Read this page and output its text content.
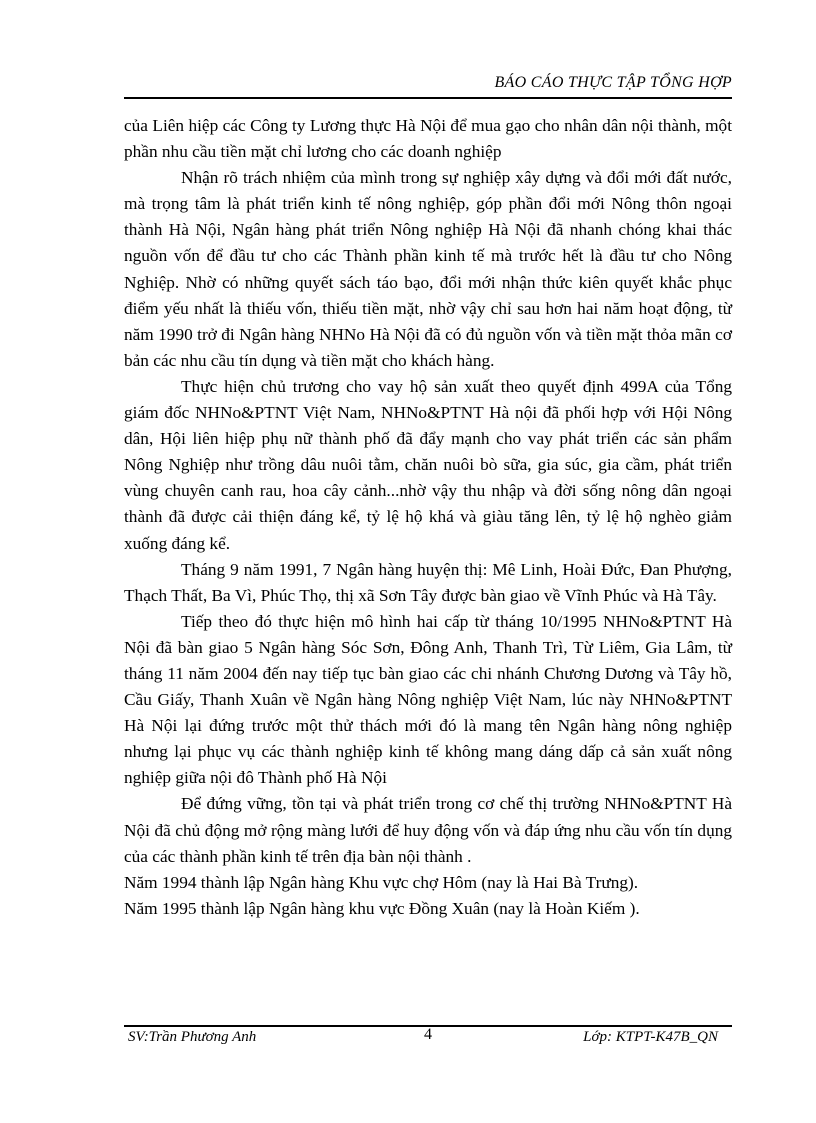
BÁO CÁO THỰC TẬP TỔNG HỢP

của Liên hiệp các Công ty Lương thực Hà Nội để mua gạo cho nhân dân nội thành, một phần nhu cầu tiền mặt chỉ lương cho các doanh nghiệp

Nhận rõ trách nhiệm của mình trong sự nghiệp xây dựng và đổi mới đất nước, mà trọng tâm là phát triển kinh tế nông nghiệp, góp phần đổi mới Nông thôn ngoại thành Hà Nội, Ngân hàng phát triển Nông nghiệp Hà Nội đã nhanh chóng khai thác nguồn vốn để đầu tư cho các Thành phần kinh tế mà trước hết là đầu tư cho Nông Nghiệp. Nhờ có những quyết sách táo bạo, đổi mới nhận thức kiên quyết khắc phục điểm yếu nhất là thiếu vốn, thiếu tiền mặt, nhờ vậy chỉ sau hơn hai năm hoạt động, từ năm 1990 trở đi Ngân hàng NHNo Hà Nội đã có đủ nguồn vốn và tiền mặt thỏa mãn cơ bản các nhu cầu tín dụng và tiền mặt cho khách hàng.

Thực hiện chủ trương cho vay hộ sản xuất theo quyết định 499A của Tổng giám đốc NHNo&PTNT Việt Nam, NHNo&PTNT Hà nội đã phối hợp với Hội Nông dân, Hội liên hiệp phụ nữ thành phố đã đẩy mạnh cho vay phát triển các sản phẩm Nông Nghiệp như trồng dâu nuôi tằm, chăn nuôi bò sữa, gia súc, gia cầm, phát triển vùng chuyên canh rau, hoa cây cảnh...nhờ vậy thu nhập và đời sống nông dân ngoại thành đã được cải thiện đáng kể, tỷ lệ hộ khá và giàu tăng lên, tỷ lệ hộ nghèo giảm xuống đáng kể.

Tháng 9 năm 1991, 7 Ngân hàng huyện thị: Mê Linh, Hoài Đức, Đan Phượng, Thạch Thất, Ba Vì, Phúc Thọ, thị xã Sơn Tây được bàn giao về Vĩnh Phúc và Hà Tây.

Tiếp theo đó thực hiện mô hình hai cấp từ tháng 10/1995 NHNo&PTNT Hà Nội đã bàn giao 5 Ngân hàng Sóc Sơn, Đông Anh, Thanh Trì, Từ Liêm, Gia Lâm, từ tháng 11 năm 2004 đến nay tiếp tục bàn giao các chi nhánh Chương Dương và Tây hồ, Cầu Giấy, Thanh Xuân về Ngân hàng Nông nghiệp Việt Nam, lúc này NHNo&PTNT Hà Nội lại đứng trước một thử thách mới đó là mang tên Ngân hàng nông nghiệp nhưng lại phục vụ các thành nghiệp kinh tế không mang dáng dấp cả sản xuất nông nghiệp giữa nội đô Thành phố Hà Nội

Để đứng vững, tồn tại và phát triển trong cơ chế thị trường NHNo&PTNT Hà Nội đã chủ động mở rộng màng lưới để huy động vốn và đáp ứng nhu cầu vốn tín dụng của các thành phần kinh tế trên địa bàn nội thành .

Năm 1994 thành lập Ngân hàng Khu vực chợ Hôm (nay là Hai Bà Trưng).

Năm 1995 thành lập Ngân hàng khu vực Đồng Xuân (nay là Hoàn Kiếm ).

SV:Trần Phương Anh	4	Lớp: KTPT-K47B_QN
